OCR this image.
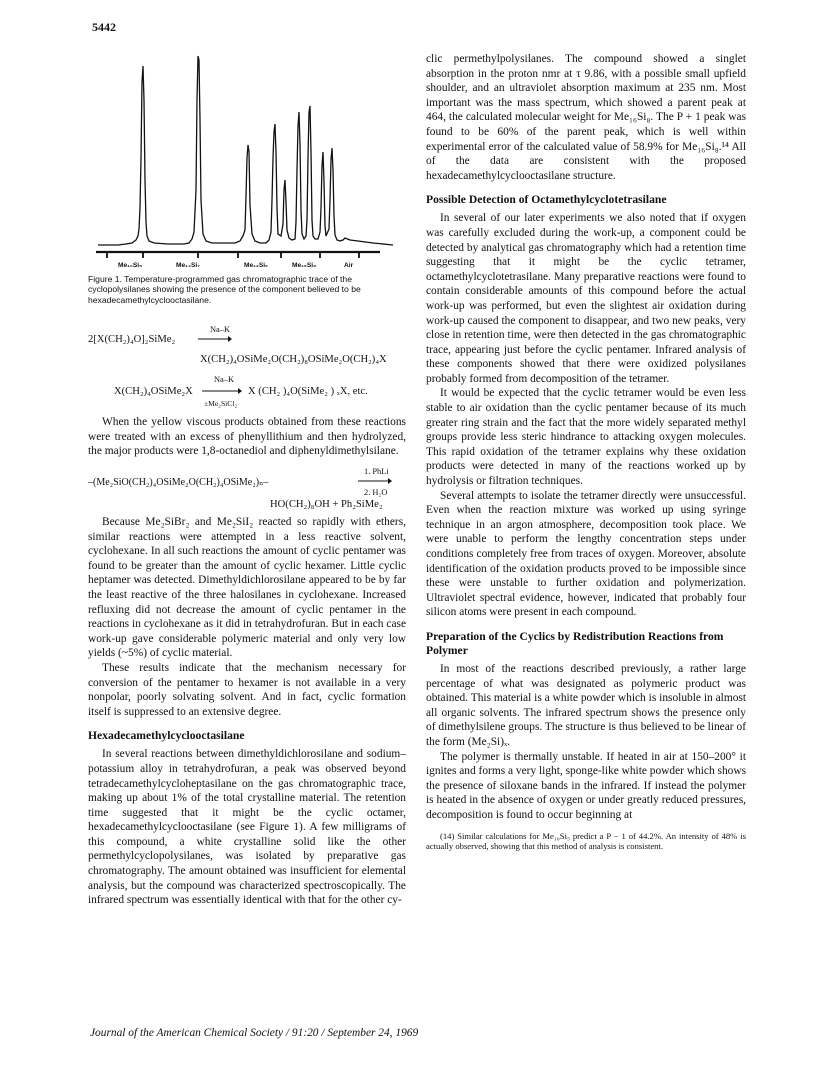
5442
Me₁₀Si₅	Me₁₄Si₇	Me₁₂Si₆	Me₁₆Si₈	Air
Figure 1. Temperature-programmed gas chromatographic trace of the cyclopolysilanes showing the presence of the component believed to be hexadecamethylcyclooctasilane.
2[X(CH₂)₄O]₂SiMe₂
Na–K
X(CH₂)₄OSiMe₂O(CH₂)₈OSiMe₂O(CH₂)₄X
Na–K
X(CH₂)₄OSiMe₂X	X (CH₂ )₄O(SiMe₂ ) ₓX, etc.
±Me₂SiCl₂

When the yellow viscous products obtained from these reactions were treated with an excess of phenyllithium and then hydrolyzed, the major products were 1,8-octanediol and diphenyldimethylsilane.

–(Me₂SiO(CH₂)₄OSiMe₂O(CH₂)₄OSiMe₂)ₙ–
1. PhLi
2. H₂O
HO(CH₂)₈OH + Ph₂SiMe₂

Because Me₂SiBr₂ and Me₂SiI₂ reacted so rapidly with ethers, similar reactions were attempted in a less reactive solvent, cyclohexane. In all such reactions the amount of cyclic pentamer was found to be greater than the amount of cyclic hexamer. Little cyclic heptamer was detected. Dimethyldichlorosilane appeared to be by far the least reactive of the three halosilanes in cyclohexane. Increased refluxing did not decrease the amount of cyclic pentamer in the reactions in cyclohexane as it did in tetrahydrofuran. But in each case work-up gave considerable polymeric material and only very low yields (~5%) of cyclic material.

These results indicate that the mechanism necessary for conversion of the pentamer to hexamer is not available in a very nonpolar, poorly solvating solvent. And in fact, cyclic formation itself is suppressed to an extensive degree.

Hexadecamethylcyclooctasilane

In several reactions between dimethyldichlorosilane and sodium–potassium alloy in tetrahydrofuran, a peak was observed beyond tetradecamethylcycloheptasilane on the gas chromatographic trace, making up about 1% of the total crystalline material. The retention time suggested that it might be the cyclic octamer, hexadecamethylcyclooctasilane (see Figure 1). A few milligrams of this compound, a white crystalline solid like the other permethylcyclopolysilanes, was isolated by preparative gas chromatography. The amount obtained was insufficient for elemental analysis, but the compound was characterized spectroscopically. The infrared spectrum was essentially identical with that for the other cy-

clic permethylpolysilanes. The compound showed a singlet absorption in the proton nmr at τ 9.86, with a possible small upfield shoulder, and an ultraviolet absorption maximum at 235 nm. Most important was the mass spectrum, which showed a parent peak at 464, the calculated molecular weight for Me₁₆Si₈. The P + 1 peak was found to be 60% of the parent peak, which is well within experimental error of the calculated value of 58.9% for Me₁₆Si₈.¹⁴ All of the data are consistent with the proposed hexadecamethylcyclooctasilane structure.

Possible Detection of Octamethylcyclotetrasilane

In several of our later experiments we also noted that if oxygen was carefully excluded during the work-up, a component could be detected by analytical gas chromatography which had a retention time suggesting that it might be the cyclic tetramer, octamethylcyclotetrasilane. Many preparative reactions were found to contain considerable amounts of this compound before the actual work-up was performed, but even the slightest air oxidation during work-up caused the component to disappear, and two new peaks, very close in retention time, were then detected in the gas chromatographic trace, appearing just before the cyclic pentamer. Infrared analysis of these components showed that there were oxidized polysilanes probably formed from decomposition of the tetramer.

It would be expected that the cyclic tetramer would be even less stable to air oxidation than the cyclic pentamer because of its much greater ring strain and the fact that the more widely separated methyl groups provide less steric hindrance to attacking oxygen molecules. This rapid oxidation of the tetramer explains why these oxidation products were detected in many of the reactions worked up by hydrolysis or filtration techniques.

Several attempts to isolate the tetramer directly were unsuccessful. Even when the reaction mixture was worked up using syringe technique in an argon atmosphere, decomposition took place. We were unable to perform the lengthy concentration steps under conditions completely free from traces of oxygen. Moreover, absolute identification of the oxidation products proved to be impossible since these were unstable to further oxidation and polymerization. Ultraviolet spectral evidence, however, indicated that probably four silicon atoms were present in each compound.

Preparation of the Cyclics by Redistribution Reactions from Polymer

In most of the reactions described previously, a rather large percentage of what was designated as polymeric product was obtained. This material is a white powder which is insoluble in almost all organic solvents. The infrared spectrum shows the presence only of dimethylsilene groups. The structure is thus believed to be linear of the form (Me₂Si)ₓ.

The polymer is thermally unstable. If heated in air at 150–200° it ignites and forms a very light, sponge-like white powder which shows the presence of siloxane bands in the infrared. If instead the polymer is heated in the absence of oxygen or under greatly reduced pressures, decomposition is found to occur beginning at

(14) Similar calculations for Me₁₀Si₅ predict a P − 1 of 44.2%. An intensity of 48% is actually observed, showing that this method of analysis is consistent.
Journal of the American Chemical Society / 91:20 / September 24, 1969
